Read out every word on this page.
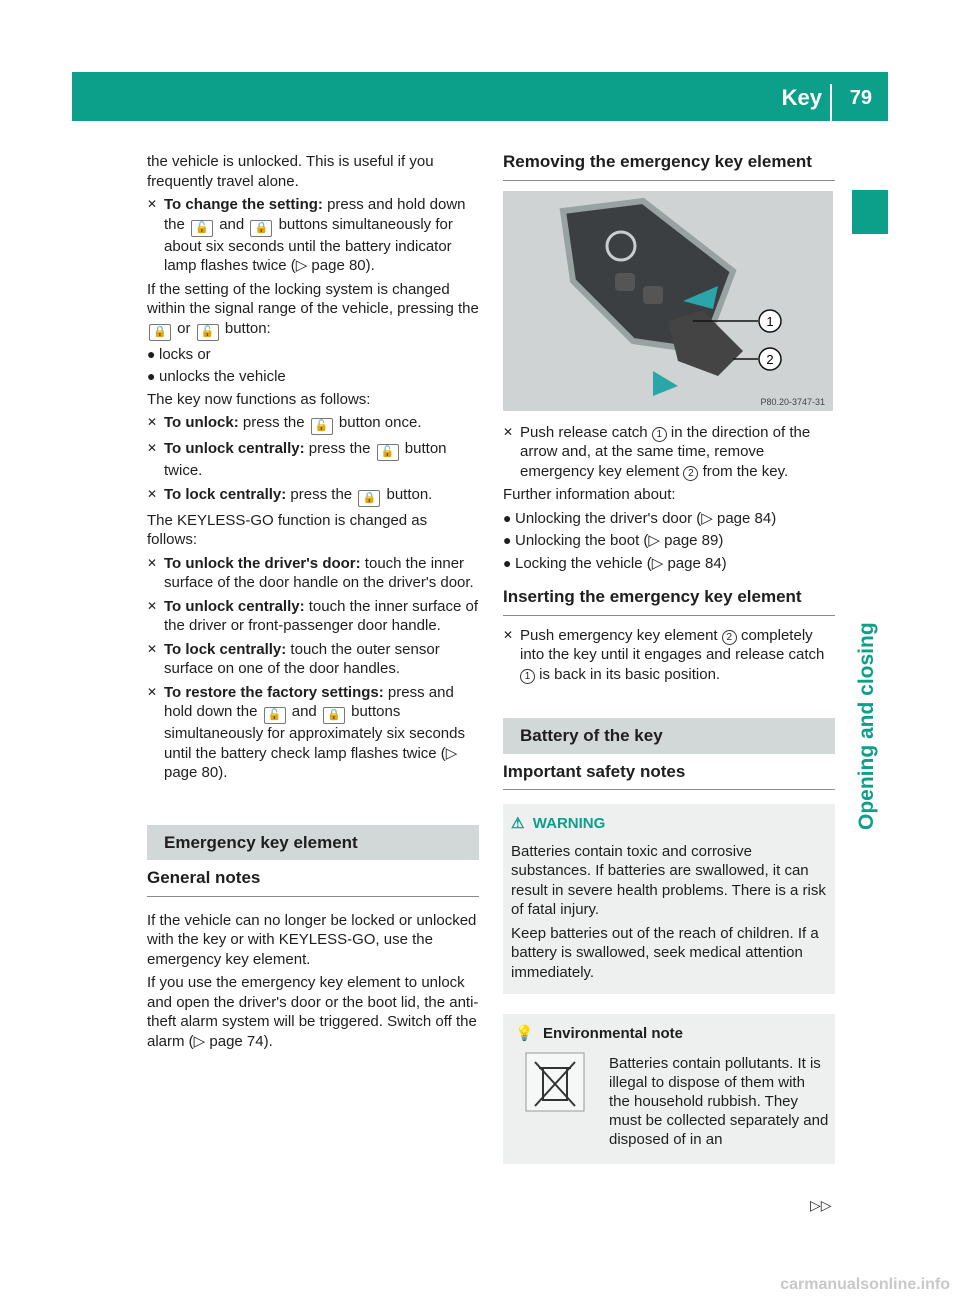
Key 79
Opening and closing

the vehicle is unlocked. This is useful if you frequently travel alone.

✕ To change the setting: press and hold down the 🔓 and 🔒 buttons simultaneously for about six seconds until the battery indicator lamp flashes twice (▷ page 80).

If the setting of the locking system is changed within the signal range of the vehicle, pressing the 🔒 or 🔓 button:

● locks or
● unlocks the vehicle

The key now functions as follows:

✕ To unlock: press the 🔓 button once.
✕ To unlock centrally: press the 🔓 button twice.
✕ To lock centrally: press the 🔒 button.

The KEYLESS-GO function is changed as follows:

✕ To unlock the driver's door: touch the inner surface of the door handle on the driver's door.
✕ To unlock centrally: touch the inner surface of the driver or front-passenger door handle.
✕ To lock centrally: touch the outer sensor surface on one of the door handles.
✕ To restore the factory settings: press and hold down the 🔓 and 🔒 buttons simultaneously for approximately six seconds until the battery check lamp flashes twice (▷ page 80).
Emergency key element
General notes

If the vehicle can no longer be locked or unlocked with the key or with KEYLESS-GO, use the emergency key element.

If you use the emergency key element to unlock and open the driver's door or the boot lid, the anti-theft alarm system will be triggered. Switch off the alarm (▷ page 74).

Removing the emergency key element
1
2
P80.20-3747-31
✕ Push release catch 1 in the direction of the arrow and, at the same time, remove emergency key element 2 from the key.

Further information about:

● Unlocking the driver's door (▷ page 84)
● Unlocking the boot (▷ page 89)
● Locking the vehicle (▷ page 84)
Inserting the emergency key element
✕ Push emergency key element 2 completely into the key until it engages and release catch 1 is back in its basic position.
Battery of the key
Important safety notes
⚠ WARNING

Batteries contain toxic and corrosive substances. If batteries are swallowed, it can result in severe health problems. There is a risk of fatal injury.

Keep batteries out of the reach of children. If a battery is swallowed, seek medical attention immediately.

💡 Environmental note
Batteries contain pollutants. It is illegal to dispose of them with the household rubbish. They must be collected separately and disposed of in an
▷▷
carmanualsonline.info
